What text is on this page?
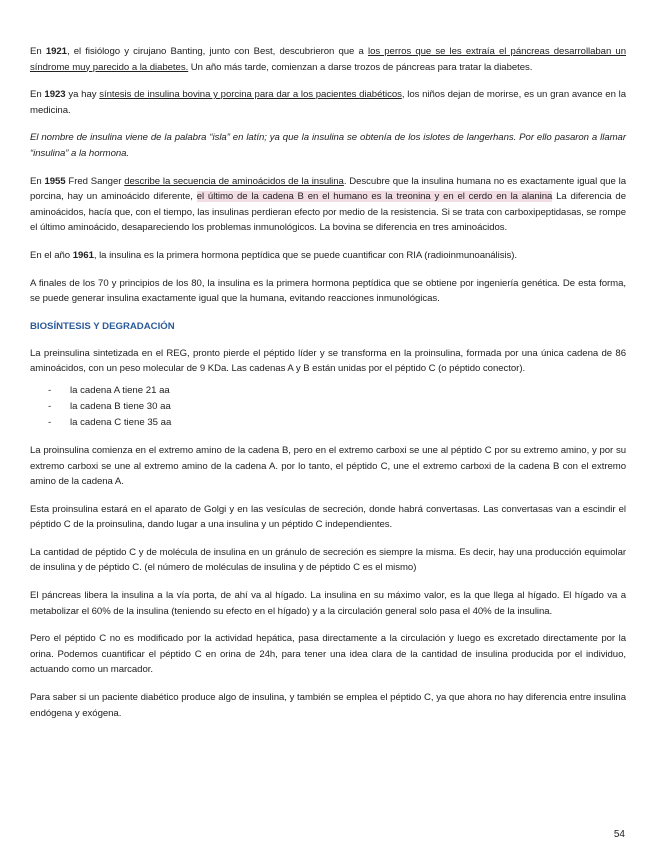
En 1921, el fisiólogo y cirujano Banting, junto con Best, descubrieron que a los perros que se les extraía el páncreas desarrollaban un síndrome muy parecido a la diabetes. Un año más tarde, comienzan a darse trozos de páncreas para tratar la diabetes.

En 1923 ya hay síntesis de insulina bovina y porcina para dar a los pacientes diabéticos, los niños dejan de morirse, es un gran avance en la medicina.

El nombre de insulina viene de la palabra “isla” en latín; ya que la insulina se obtenía de los islotes de langerhans. Por ello pasaron a llamar “insulina” a la hormona.

En 1955 Fred Sanger describe la secuencia de aminoácidos de la insulina. Descubre que la insulina humana no es exactamente igual que la porcina, hay un aminoácido diferente, el último de la cadena B en el humano es la treonina y en el cerdo en la alanina La diferencia de aminoácidos, hacía que, con el tiempo, las insulinas perdieran efecto por medio de la resistencia. Si se trata con carboxipeptidasas, se rompe el último aminoácido, desapareciendo los problemas inmunológicos. La bovina se diferencia en tres aminoácidos.

En el año 1961, la insulina es la primera hormona peptídica que se puede cuantificar con RIA (radioinmunoanálisis).

A finales de los 70 y principios de los 80, la insulina es la primera hormona peptídica que se obtiene por ingeniería genética. De esta forma, se puede generar insulina exactamente igual que la humana, evitando reacciones inmunológicas.

BIOSÍNTESIS Y DEGRADACIÓN

La preinsulina sintetizada en el REG, pronto pierde el péptido líder y se transforma en la proinsulina, formada por una única cadena de 86 aminoácidos, con un peso molecular de 9 KDa. Las cadenas A y B están unidas por el péptido C (o péptido conector).

- la cadena A tiene 21 aa
- la cadena B tiene 30 aa
- la cadena C tiene 35 aa

La proinsulina comienza en el extremo amino de la cadena B, pero en el extremo carboxi se une al péptido C por su extremo amino, y por su extremo carboxi se une al extremo amino de la cadena A. por lo tanto, el péptido C, une el extremo carboxi de la cadena B con el extremo amino de la cadena A.

Esta proinsulina estará en el aparato de Golgi y en las vesículas de secreción, donde habrá convertasas. Las convertasas van a escindir el péptido C de la proinsulina, dando lugar a una insulina y un péptido C independientes.

La cantidad de péptido C y de molécula de insulina en un gránulo de secreción es siempre la misma. Es decir, hay una producción equimolar de insulina y de péptido C. (el número de moléculas de insulina y de péptido C es el mismo)

El páncreas libera la insulina a la vía porta, de ahí va al hígado. La insulina en su máximo valor, es la que llega al hígado. El hígado va a metabolizar el 60% de la insulina (teniendo su efecto en el hígado) y a la circulación general solo pasa el 40% de la insulina.

Pero el péptido C no es modificado por la actividad hepática, pasa directamente a la circulación y luego es excretado directamente por la orina. Podemos cuantificar el péptido C en orina de 24h, para tener una idea clara de la cantidad de insulina producida por el individuo, actuando como un marcador.

Para saber si un paciente diabético produce algo de insulina, y también se emplea el péptido C, ya que ahora no hay diferencia entre insulina endógena y exógena.

54
